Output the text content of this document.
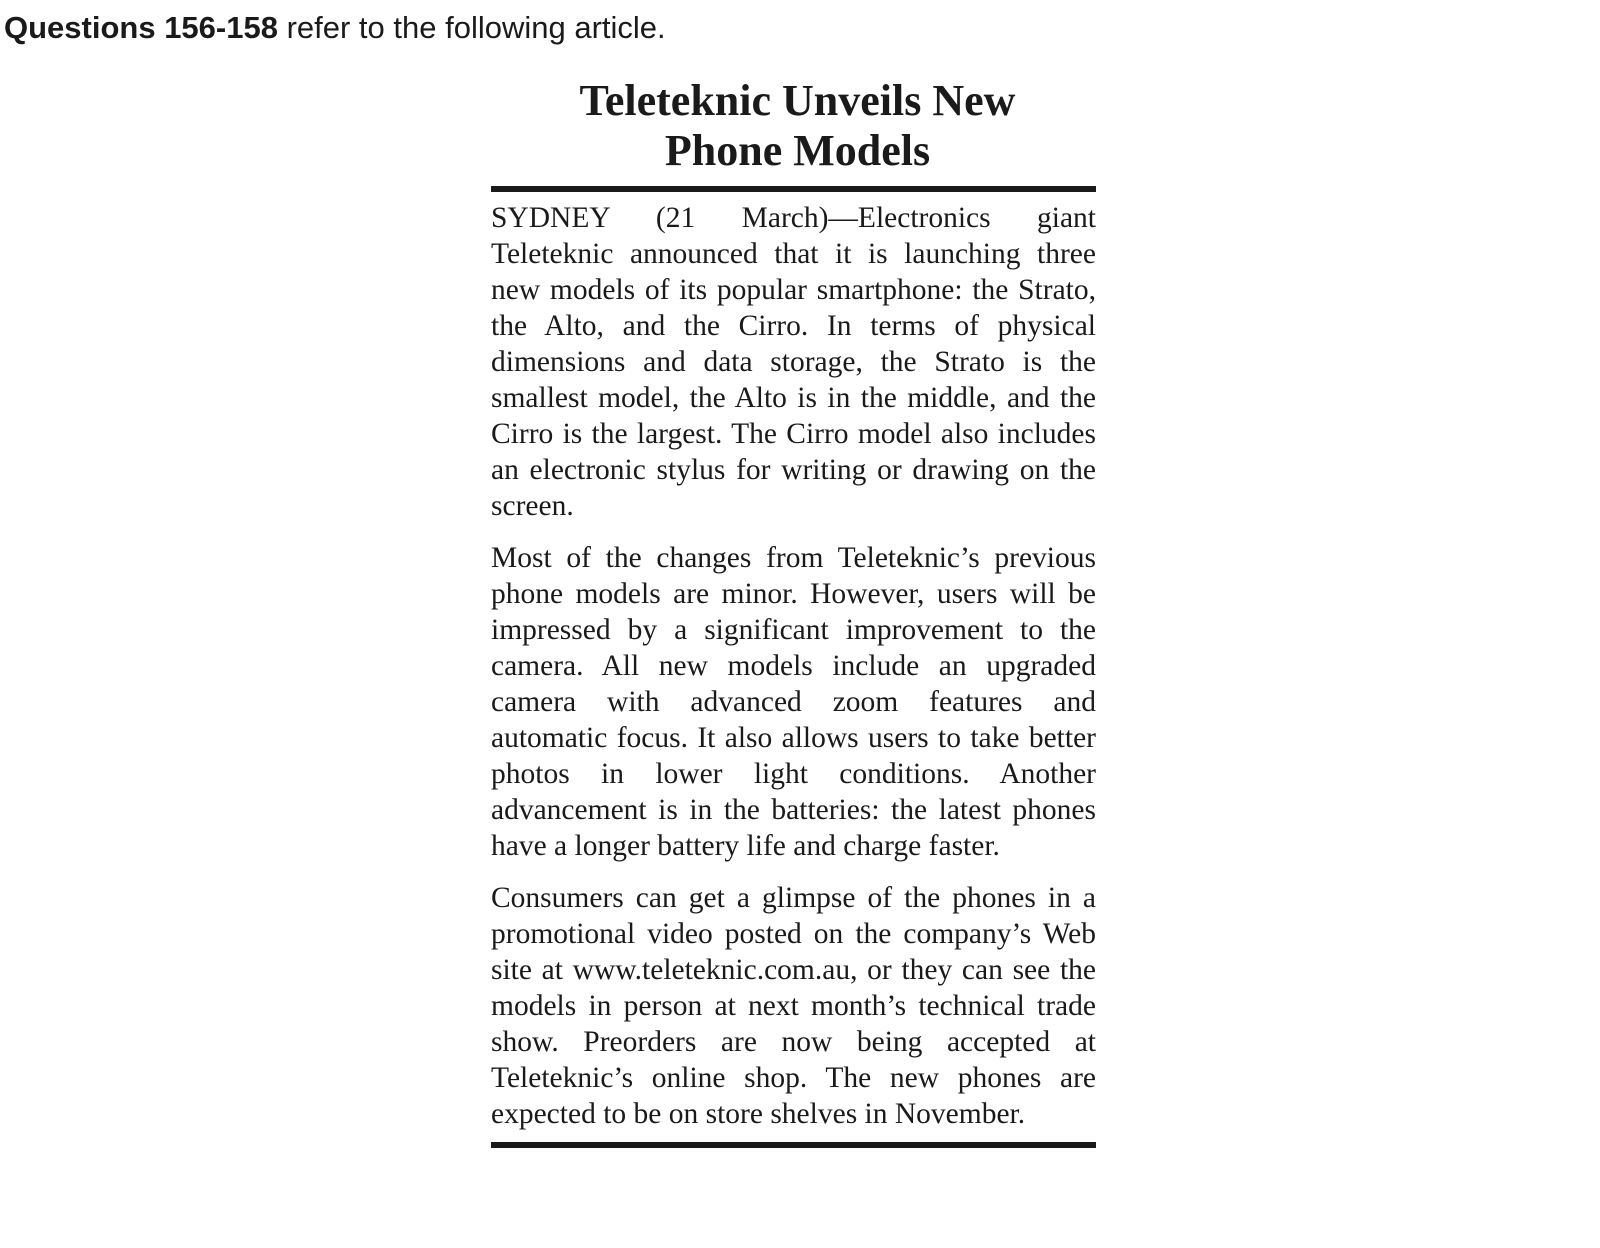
Questions 156-158 refer to the following article.
Teleteknic Unveils New
Phone Models

SYDNEY (21 March)—Electronics giant Teleteknic announced that it is launching three new models of its popular smartphone: the Strato, the Alto, and the Cirro. In terms of physical dimensions and data storage, the Strato is the smallest model, the Alto is in the middle, and the Cirro is the largest. The Cirro model also includes an electronic stylus for writing or drawing on the screen.

Most of the changes from Teleteknic’s previous phone models are minor. However, users will be impressed by a significant improvement to the camera. All new models include an upgraded camera with advanced zoom features and automatic focus. It also allows users to take better photos in lower light conditions. Another advancement is in the batteries: the latest phones have a longer battery life and charge faster.

Consumers can get a glimpse of the phones in a promotional video posted on the company’s Web site at www.teleteknic.com.au, or they can see the models in person at next month’s technical trade show. Preorders are now being accepted at Teleteknic’s online shop. The new phones are expected to be on store shelves in November.
